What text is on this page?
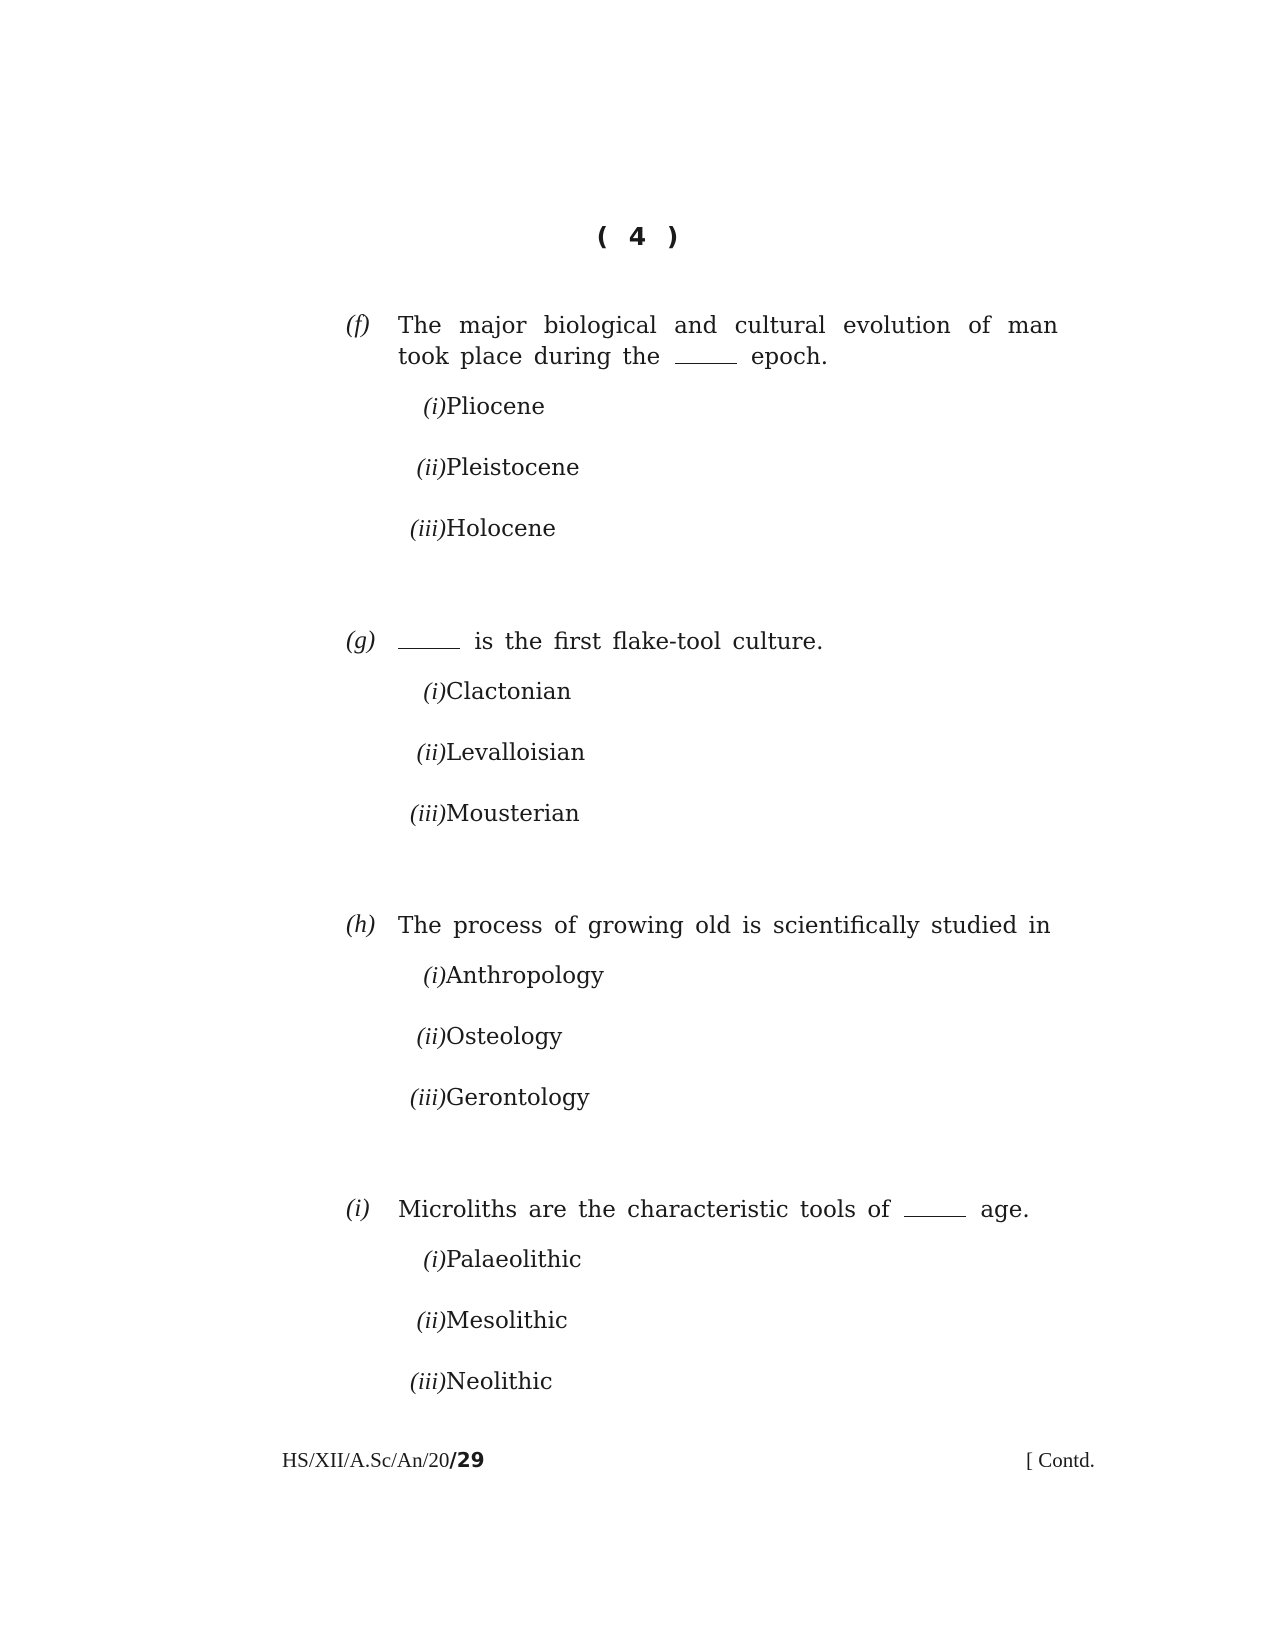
( 4 )
(f) The major biological and cultural evolution of man
took place during the	epoch.
(i) Pliocene
(ii) Pleistocene
(iii) Holocene
(g)	is the first flake-tool culture.
(i) Clactonian
(ii) Levalloisian
(iii) Mousterian
(h) The process of growing old is scientifically studied in
(i) Anthropology
(ii) Osteology
(iii) Gerontology
(i) Microliths are the characteristic tools of	age.
(i) Palaeolithic
(ii) Mesolithic
(iii) Neolithic
HS/XII/A.Sc/An/20/29	[ Contd.
